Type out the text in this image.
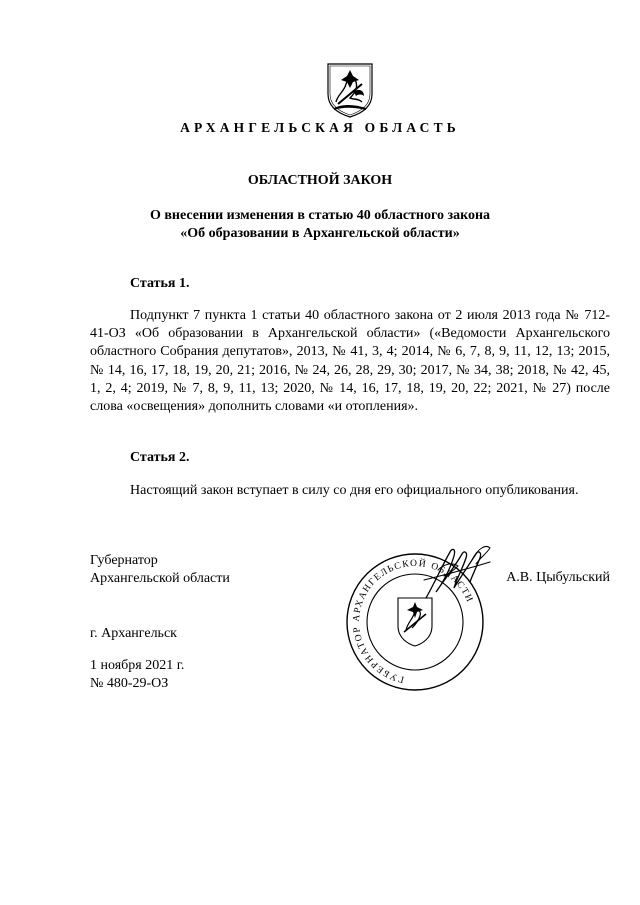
АРХАНГЕЛЬСКАЯ ОБЛАСТЬ
ОБЛАСТНОЙ ЗАКОН
О внесении изменения в статью 40 областного закона
«Об образовании в Архангельской области»
Статья 1.
Подпункт 7 пункта 1 статьи 40 областного закона от 2 июля 2013 года № 712-41-ОЗ «Об образовании в Архангельской области» («Ведомости Архангельского областного Собрания депутатов», 2013, № 41, 3, 4; 2014, № 6, 7, 8, 9, 11, 12, 13; 2015, № 14, 16, 17, 18, 19, 20, 21; 2016, № 24, 26, 28, 29, 30; 2017, № 34, 38; 2018, № 42, 45, 1, 2, 4; 2019, № 7, 8, 9, 11, 13; 2020, № 14, 16, 17, 18, 19, 20, 22; 2021, № 27) после слова «освещения» дополнить словами «и отопления».
Статья 2.
Настоящий закон вступает в силу со дня его официального опубликования.
Губернатор
Архангельской области
ГУБЕРНАТОР АРХАНГЕЛЬСКОЙ ОБЛАСТИ
А.В. Цыбульский
г. Архангельск
1 ноября 2021 г.
№ 480-29-ОЗ
